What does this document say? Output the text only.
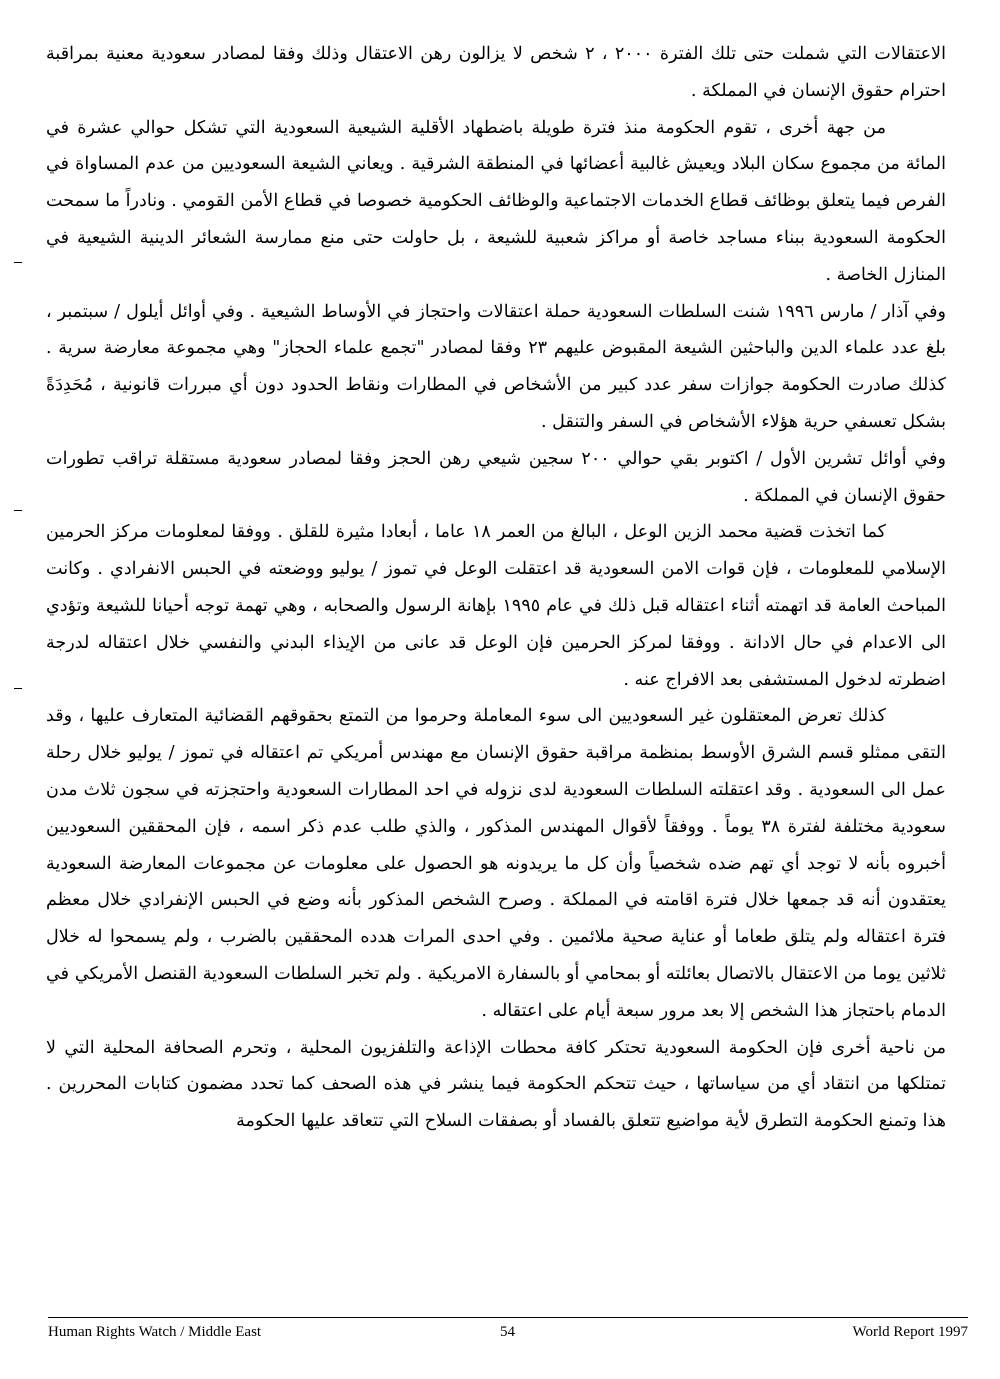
الاعتقالات التي شملت حتى تلك الفترة ٢٠٠٠ ، ٢ شخص لا يزالون رهن الاعتقال وذلك وفقا لمصادر سعودية معنية بمراقبة احترام حقوق الإنسان في المملكة .

من جهة أخرى ، تقوم الحكومة منذ فترة طويلة باضطهاد الأقلية الشيعية السعودية التي تشكل حوالي عشرة في المائة من مجموع سكان البلاد ويعيش غالبية أعضائها في المنطقة الشرقية . ويعاني الشيعة السعوديين من عدم المساواة في الفرص فيما يتعلق بوظائف قطاع الخدمات الاجتماعية والوظائف الحكومية خصوصا في قطاع الأمن القومي . ونادراً ما سمحت الحكومة السعودية ببناء مساجد خاصة أو مراكز شعبية للشيعة ، بل حاولت حتى منع ممارسة الشعائر الدينية الشيعية في المنازل الخاصة .

وفي آذار / مارس ١٩٩٦ شنت السلطات السعودية حملة اعتقالات واحتجاز في الأوساط الشيعية . وفي أوائل أيلول / سبتمبر ، بلغ عدد علماء الدين والباحثين الشيعة المقبوض عليهم ٢٣ وفقا لمصادر "تجمع علماء الحجاز" وهي مجموعة معارضة سرية . كذلك صادرت الحكومة جوازات سفر عدد كبير من الأشخاص في المطارات ونقاط الحدود دون أي مبررات قانونية ، مُحَدِدَةً بشكل تعسفي حرية هؤلاء الأشخاص في السفر والتنقل .

وفي أوائل تشرين الأول / اكتوبر بقي حوالي ٢٠٠ سجين شيعي رهن الحجز وفقا لمصادر سعودية مستقلة تراقب تطورات حقوق الإنسان في المملكة .

كما اتخذت قضية محمد الزين الوعل ، البالغ من العمر ١٨ عاما ، أبعادا مثيرة للقلق . ووفقا لمعلومات مركز الحرمين الإسلامي للمعلومات ، فإن قوات الامن السعودية قد اعتقلت الوعل في تموز / يوليو ووضعته في الحبس الانفرادي . وكانت المباحث العامة قد اتهمته أثناء اعتقاله قبل ذلك في عام ١٩٩٥ بإهانة الرسول والصحابه ، وهي تهمة توجه أحيانا للشيعة وتؤدي الى الاعدام في حال الادانة . ووفقا لمركز الحرمين فإن الوعل قد عانى من الإيذاء البدني والنفسي خلال اعتقاله لدرجة اضطرته لدخول المستشفى بعد الافراج عنه .

كذلك تعرض المعتقلون غير السعوديين الى سوء المعاملة وحرموا من التمتع بحقوقهم القضائية المتعارف عليها ، وقد التقى ممثلو قسم الشرق الأوسط بمنظمة مراقبة حقوق الإنسان مع مهندس أمريكي تم اعتقاله في تموز / يوليو خلال رحلة عمل الى السعودية . وقد اعتقلته السلطات السعودية لدى نزوله في احد المطارات السعودية واحتجزته في سجون ثلاث مدن سعودية مختلفة لفترة ٣٨ يوماً . ووفقاً لأقوال المهندس المذكور ، والذي طلب عدم ذكر اسمه ، فإن المحققين السعوديين أخبروه بأنه لا توجد أي تهم ضده شخصياً وأن كل ما يريدونه هو الحصول على معلومات عن مجموعات المعارضة السعودية يعتقدون أنه قد جمعها خلال فترة اقامته في المملكة . وصرح الشخص المذكور بأنه وضع في الحبس الإنفرادي خلال معظم فترة اعتقاله ولم يتلق طعاما أو عناية صحية ملائمين . وفي احدى المرات هدده المحققين بالضرب ، ولم يسمحوا له خلال ثلاثين يوما من الاعتقال بالاتصال بعائلته أو بمحامي أو بالسفارة الامريكية . ولم تخبر السلطات السعودية القنصل الأمريكي في الدمام باحتجاز هذا الشخص إلا بعد مرور سبعة أيام على اعتقاله .

من ناحية أخرى فإن الحكومة السعودية تحتكر كافة محطات الإذاعة والتلفزيون المحلية ، وتحرم الصحافة المحلية التي لا تمتلكها من انتقاد أي من سياساتها ، حيث تتحكم الحكومة فيما ينشر في هذه الصحف كما تحدد مضمون كتابات المحررين . هذا وتمنع الحكومة التطرق لأية مواضيع تتعلق بالفساد أو بصفقات السلاح التي تتعاقد عليها الحكومة

Human Rights Watch / Middle East	54	World Report 1997
